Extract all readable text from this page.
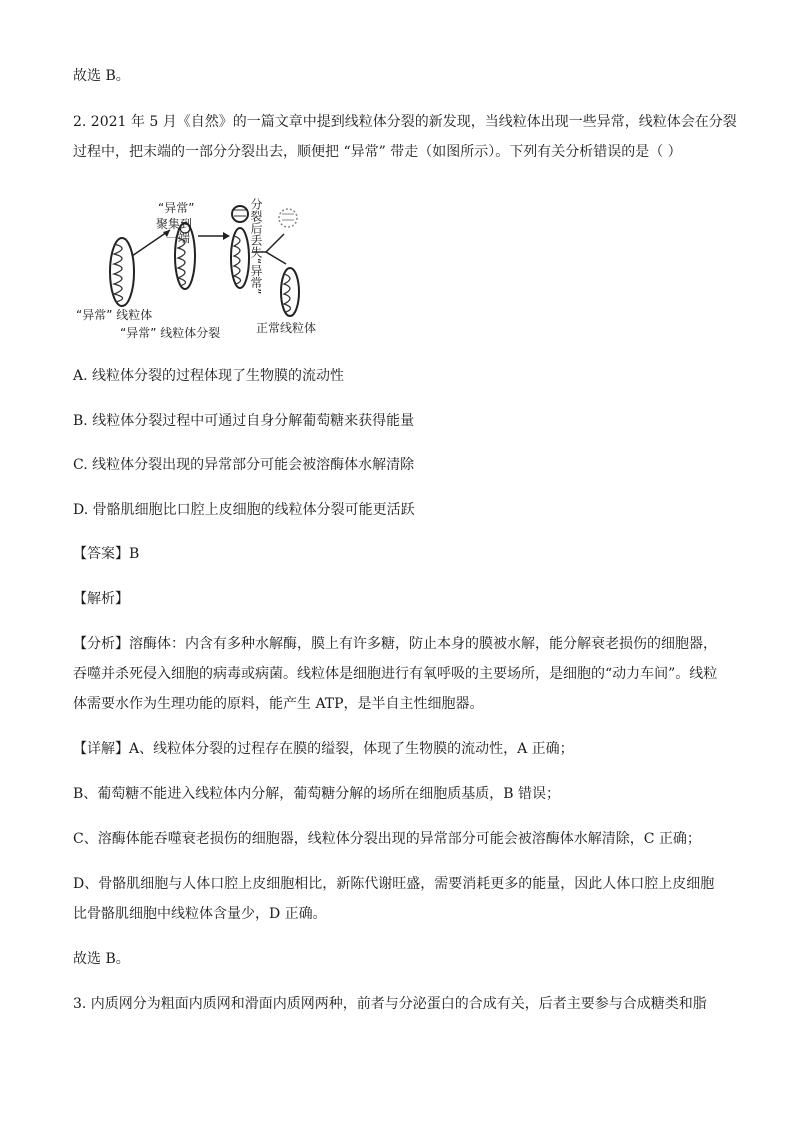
故选 B。
2. 2021 年 5 月《自然》的一篇文章中提到线粒体分裂的新发现，当线粒体出现一些异常，线粒体会在分裂
过程中，把末端的一部分分裂出去，顺便把 “异常” 带走（如图所示）。下列有关分析错误的是（ ）
分裂后丢失“异常”
“异常”
聚集到
一端
“异常” 线粒体
“异常” 线粒体分裂	正常线粒体
A. 线粒体分裂的过程体现了生物膜的流动性
B. 线粒体分裂过程中可通过自身分解葡萄糖来获得能量
C. 线粒体分裂出现的异常部分可能会被溶酶体水解清除
D. 骨骼肌细胞比口腔上皮细胞的线粒体分裂可能更活跃
【答案】B
【解析】
【分析】溶酶体：内含有多种水解酶，膜上有许多糖，防止本身的膜被水解，能分解衰老损伤的细胞器，
吞噬并杀死侵入细胞的病毒或病菌。线粒体是细胞进行有氧呼吸的主要场所，是细胞的“动力车间”。线粒
体需要水作为生理功能的原料，能产生 ATP，是半自主性细胞器。
【详解】A、线粒体分裂的过程存在膜的缢裂，体现了生物膜的流动性，A 正确；
B、葡萄糖不能进入线粒体内分解，葡萄糖分解的场所在细胞质基质，B 错误；
C、溶酶体能吞噬衰老损伤的细胞器，线粒体分裂出现的异常部分可能会被溶酶体水解清除，C 正确；
D、骨骼肌细胞与人体口腔上皮细胞相比，新陈代谢旺盛，需要消耗更多的能量，因此人体口腔上皮细胞
比骨骼肌细胞中线粒体含量少，D 正确。
故选 B。
3. 内质网分为粗面内质网和滑面内质网两种，前者与分泌蛋白的合成有关，后者主要参与合成糖类和脂
